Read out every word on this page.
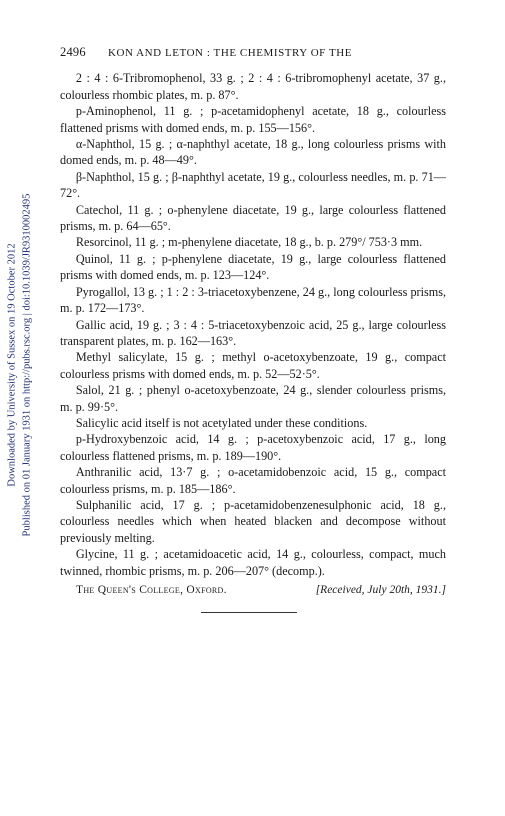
Downloaded by University of Sussex on 19 October 2012 Published on 01 January 1931 on http://pubs.rsc.org | doi:10.1039/JR9310002495
2496	KON AND LETON : THE CHEMISTRY OF THE

2 : 4 : 6-Tribromophenol, 33 g. ; 2 : 4 : 6-tribromophenyl acetate, 37 g., colourless rhombic plates, m. p. 87°.

p-Aminophenol, 11 g. ; p-acetamidophenyl acetate, 18 g., colourless flattened prisms with domed ends, m. p. 155—156°.

α-Naphthol, 15 g. ; α-naphthyl acetate, 18 g., long colourless prisms with domed ends, m. p. 48—49°.

β-Naphthol, 15 g. ; β-naphthyl acetate, 19 g., colourless needles, m. p. 71—72°.

Catechol, 11 g. ; o-phenylene diacetate, 19 g., large colourless flattened prisms, m. p. 64—65°.

Resorcinol, 11 g. ; m-phenylene diacetate, 18 g., b. p. 279°/ 753·3 mm.

Quinol, 11 g. ; p-phenylene diacetate, 19 g., large colourless flattened prisms with domed ends, m. p. 123—124°.

Pyrogallol, 13 g. ; 1 : 2 : 3-triacetoxybenzene, 24 g., long colourless prisms, m. p. 172—173°.

Gallic acid, 19 g. ; 3 : 4 : 5-triacetoxybenzoic acid, 25 g., large colourless transparent plates, m. p. 162—163°.

Methyl salicylate, 15 g. ; methyl o-acetoxybenzoate, 19 g., compact colourless prisms with domed ends, m. p. 52—52·5°.

Salol, 21 g. ; phenyl o-acetoxybenzoate, 24 g., slender colourless prisms, m. p. 99·5°.

Salicylic acid itself is not acetylated under these conditions.

p-Hydroxybenzoic acid, 14 g. ; p-acetoxybenzoic acid, 17 g., long colourless flattened prisms, m. p. 189—190°.

Anthranilic acid, 13·7 g. ; o-acetamidobenzoic acid, 15 g., compact colourless prisms, m. p. 185—186°.

Sulphanilic acid, 17 g. ; p-acetamidobenzenesulphonic acid, 18 g., colourless needles which when heated blacken and decompose without previously melting.

Glycine, 11 g. ; acetamidoacetic acid, 14 g., colourless, compact, much twinned, rhombic prisms, m. p. 206—207° (decomp.).

The Queen's College, Oxford.	[Received, July 20th, 1931.]
